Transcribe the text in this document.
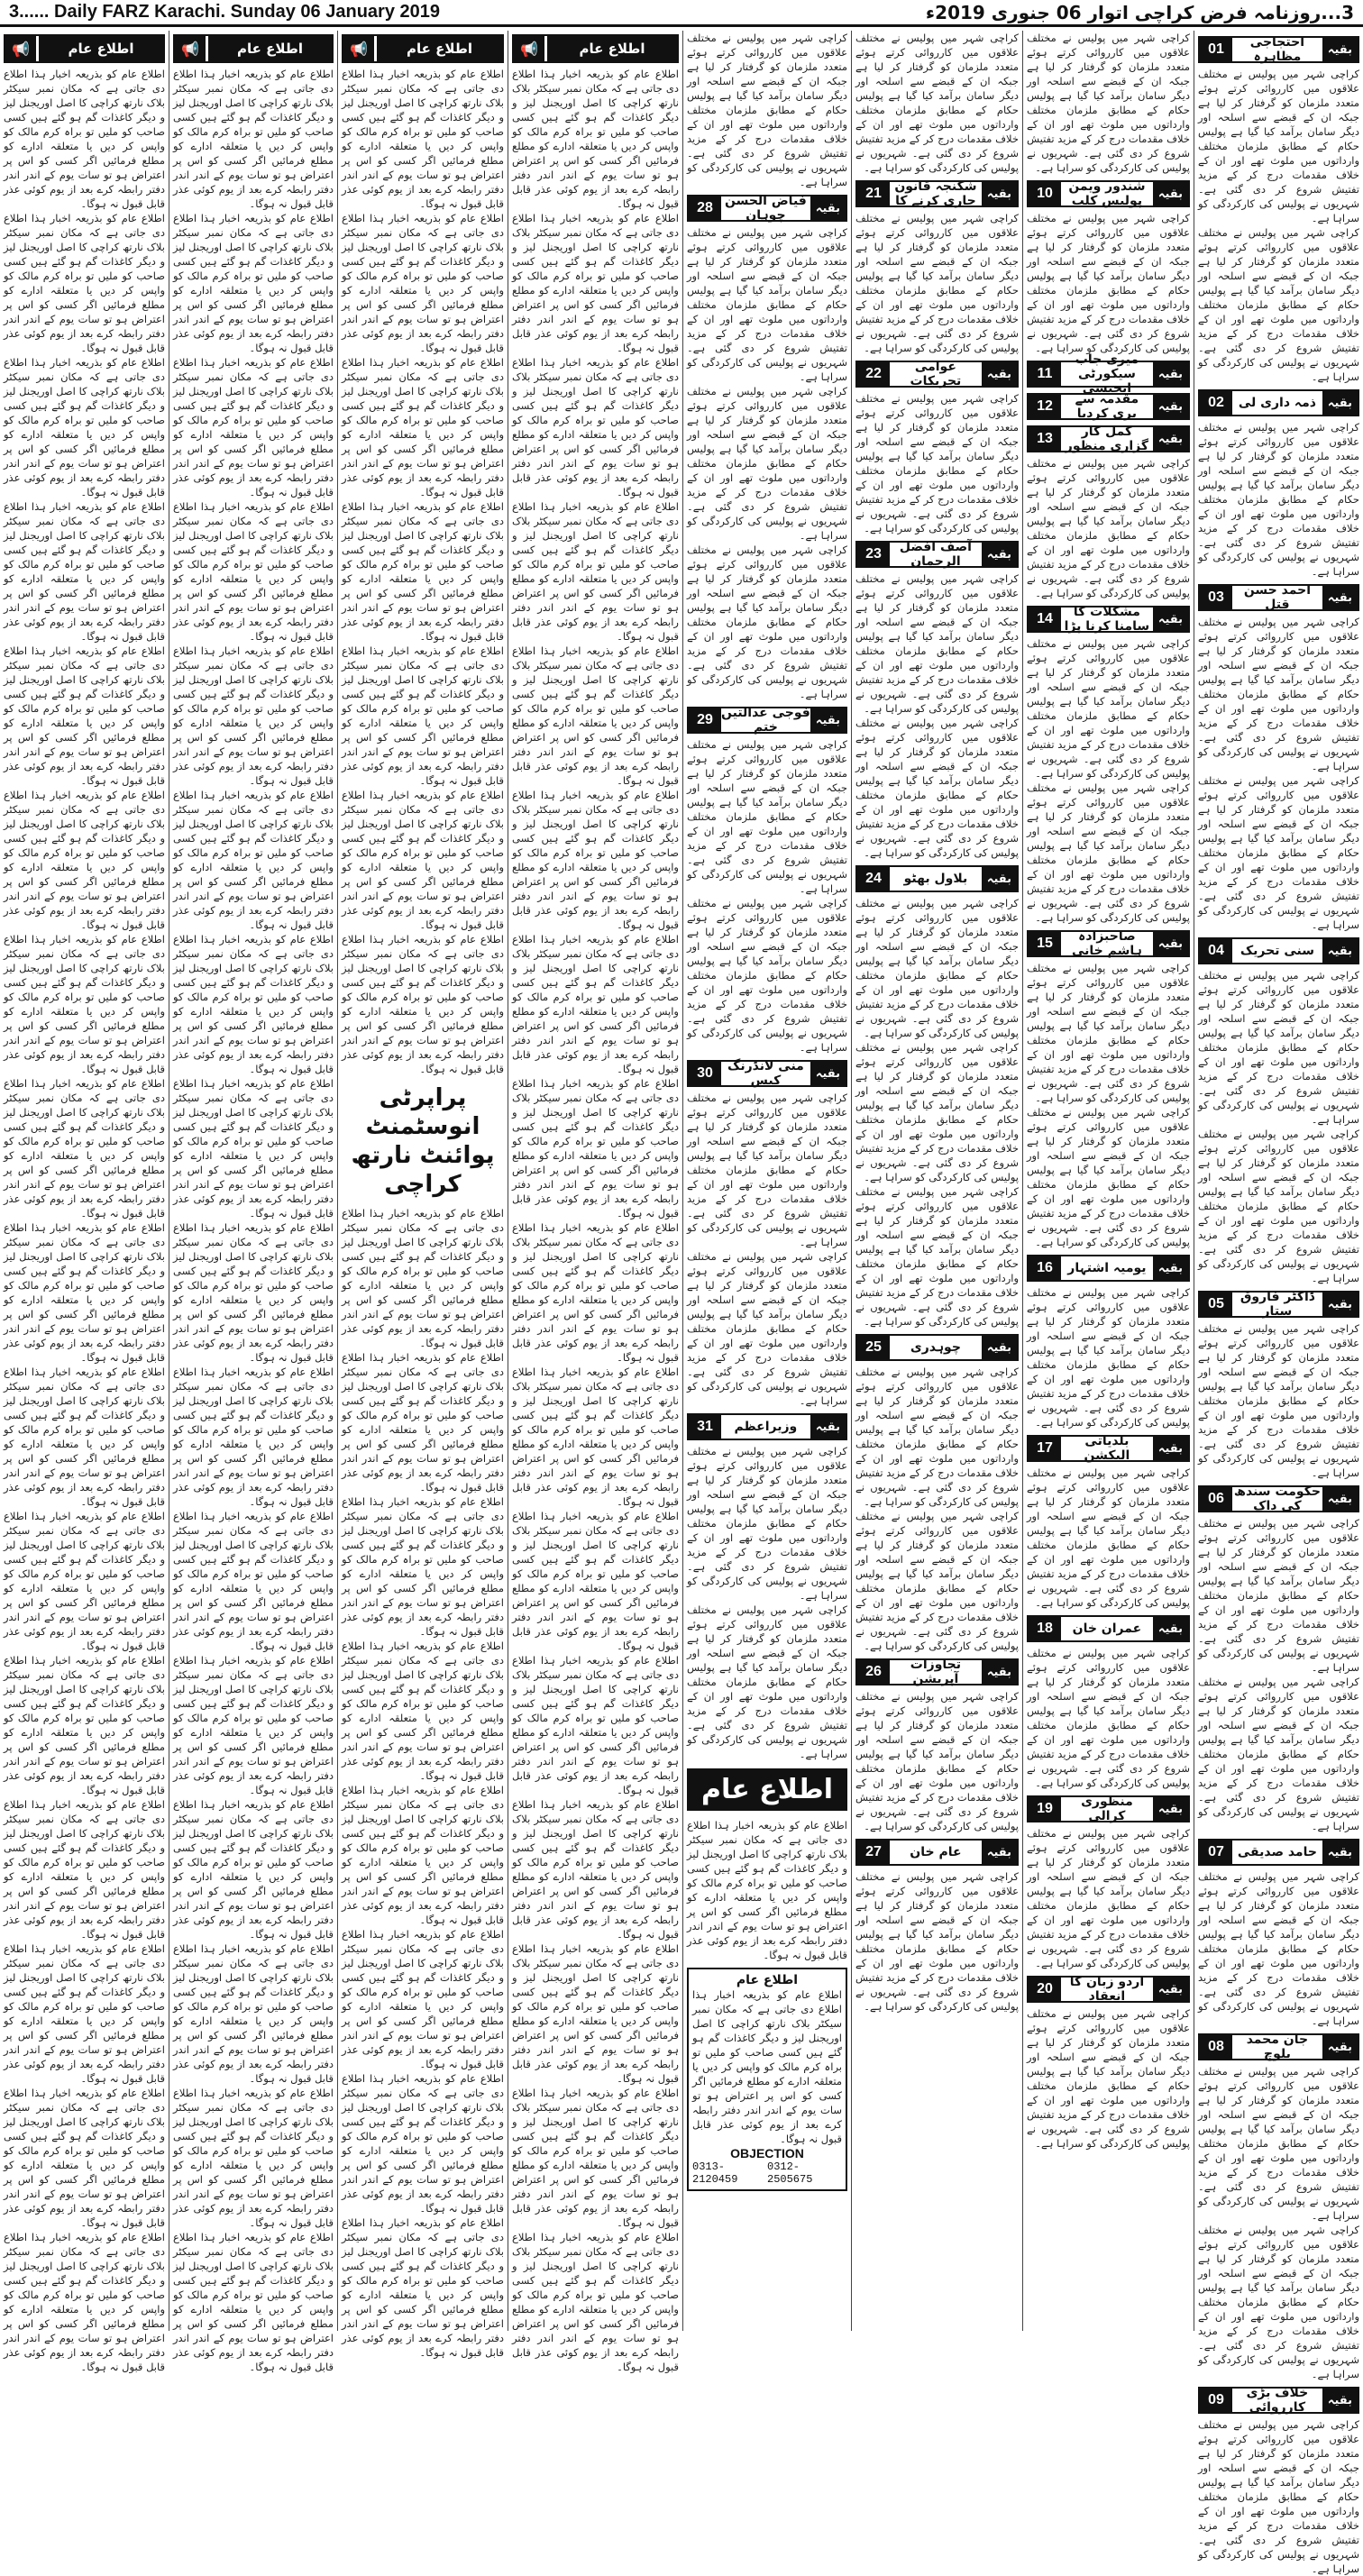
3...... Daily FARZ Karachi. Sunday 06 January 2019	3...روزنامہ فرض کراچی اتوار 06 جنوری 2019ء
📢	اطلاع عام
اطلاع عام کو بذریعہ اخبار ہذا اطلاع دی جاتی ہے کہ مکان نمبر سیکٹر بلاک نارتھ کراچی کا اصل اوریجنل لیز و دیگر کاغذات گم ہو گئے ہیں کسی صاحب کو ملیں تو براہ کرم مالک کو واپس کر دیں یا متعلقہ ادارے کو مطلع فرمائیں اگر کسی کو اس پر اعتراض ہو تو سات یوم کے اندر اندر دفتر رابطہ کرے بعد از یوم کوئی عذر قابل قبول نہ ہوگا۔
اطلاع عام کو بذریعہ اخبار ہذا اطلاع دی جاتی ہے کہ مکان نمبر سیکٹر بلاک نارتھ کراچی کا اصل اوریجنل لیز و دیگر کاغذات گم ہو گئے ہیں کسی صاحب کو ملیں تو براہ کرم مالک کو واپس کر دیں یا متعلقہ ادارے کو مطلع فرمائیں اگر کسی کو اس پر اعتراض ہو تو سات یوم کے اندر اندر دفتر رابطہ کرے بعد از یوم کوئی عذر قابل قبول نہ ہوگا۔
اطلاع عام کو بذریعہ اخبار ہذا اطلاع دی جاتی ہے کہ مکان نمبر سیکٹر بلاک نارتھ کراچی کا اصل اوریجنل لیز و دیگر کاغذات گم ہو گئے ہیں کسی صاحب کو ملیں تو براہ کرم مالک کو واپس کر دیں یا متعلقہ ادارے کو مطلع فرمائیں اگر کسی کو اس پر اعتراض ہو تو سات یوم کے اندر اندر دفتر رابطہ کرے بعد از یوم کوئی عذر قابل قبول نہ ہوگا۔
اطلاع عام کو بذریعہ اخبار ہذا اطلاع دی جاتی ہے کہ مکان نمبر سیکٹر بلاک نارتھ کراچی کا اصل اوریجنل لیز و دیگر کاغذات گم ہو گئے ہیں کسی صاحب کو ملیں تو براہ کرم مالک کو واپس کر دیں یا متعلقہ ادارے کو مطلع فرمائیں اگر کسی کو اس پر اعتراض ہو تو سات یوم کے اندر اندر دفتر رابطہ کرے بعد از یوم کوئی عذر قابل قبول نہ ہوگا۔
اطلاع عام کو بذریعہ اخبار ہذا اطلاع دی جاتی ہے کہ مکان نمبر سیکٹر بلاک نارتھ کراچی کا اصل اوریجنل لیز و دیگر کاغذات گم ہو گئے ہیں کسی صاحب کو ملیں تو براہ کرم مالک کو واپس کر دیں یا متعلقہ ادارے کو مطلع فرمائیں اگر کسی کو اس پر اعتراض ہو تو سات یوم کے اندر اندر دفتر رابطہ کرے بعد از یوم کوئی عذر قابل قبول نہ ہوگا۔
اطلاع عام کو بذریعہ اخبار ہذا اطلاع دی جاتی ہے کہ مکان نمبر سیکٹر بلاک نارتھ کراچی کا اصل اوریجنل لیز و دیگر کاغذات گم ہو گئے ہیں کسی صاحب کو ملیں تو براہ کرم مالک کو واپس کر دیں یا متعلقہ ادارے کو مطلع فرمائیں اگر کسی کو اس پر اعتراض ہو تو سات یوم کے اندر اندر دفتر رابطہ کرے بعد از یوم کوئی عذر قابل قبول نہ ہوگا۔
اطلاع عام کو بذریعہ اخبار ہذا اطلاع دی جاتی ہے کہ مکان نمبر سیکٹر بلاک نارتھ کراچی کا اصل اوریجنل لیز و دیگر کاغذات گم ہو گئے ہیں کسی صاحب کو ملیں تو براہ کرم مالک کو واپس کر دیں یا متعلقہ ادارے کو مطلع فرمائیں اگر کسی کو اس پر اعتراض ہو تو سات یوم کے اندر اندر دفتر رابطہ کرے بعد از یوم کوئی عذر قابل قبول نہ ہوگا۔
اطلاع عام کو بذریعہ اخبار ہذا اطلاع دی جاتی ہے کہ مکان نمبر سیکٹر بلاک نارتھ کراچی کا اصل اوریجنل لیز و دیگر کاغذات گم ہو گئے ہیں کسی صاحب کو ملیں تو براہ کرم مالک کو واپس کر دیں یا متعلقہ ادارے کو مطلع فرمائیں اگر کسی کو اس پر اعتراض ہو تو سات یوم کے اندر اندر دفتر رابطہ کرے بعد از یوم کوئی عذر قابل قبول نہ ہوگا۔
اطلاع عام کو بذریعہ اخبار ہذا اطلاع دی جاتی ہے کہ مکان نمبر سیکٹر بلاک نارتھ کراچی کا اصل اوریجنل لیز و دیگر کاغذات گم ہو گئے ہیں کسی صاحب کو ملیں تو براہ کرم مالک کو واپس کر دیں یا متعلقہ ادارے کو مطلع فرمائیں اگر کسی کو اس پر اعتراض ہو تو سات یوم کے اندر اندر دفتر رابطہ کرے بعد از یوم کوئی عذر قابل قبول نہ ہوگا۔
اطلاع عام کو بذریعہ اخبار ہذا اطلاع دی جاتی ہے کہ مکان نمبر سیکٹر بلاک نارتھ کراچی کا اصل اوریجنل لیز و دیگر کاغذات گم ہو گئے ہیں کسی صاحب کو ملیں تو براہ کرم مالک کو واپس کر دیں یا متعلقہ ادارے کو مطلع فرمائیں اگر کسی کو اس پر اعتراض ہو تو سات یوم کے اندر اندر دفتر رابطہ کرے بعد از یوم کوئی عذر قابل قبول نہ ہوگا۔
اطلاع عام کو بذریعہ اخبار ہذا اطلاع دی جاتی ہے کہ مکان نمبر سیکٹر بلاک نارتھ کراچی کا اصل اوریجنل لیز و دیگر کاغذات گم ہو گئے ہیں کسی صاحب کو ملیں تو براہ کرم مالک کو واپس کر دیں یا متعلقہ ادارے کو مطلع فرمائیں اگر کسی کو اس پر اعتراض ہو تو سات یوم کے اندر اندر دفتر رابطہ کرے بعد از یوم کوئی عذر قابل قبول نہ ہوگا۔
اطلاع عام کو بذریعہ اخبار ہذا اطلاع دی جاتی ہے کہ مکان نمبر سیکٹر بلاک نارتھ کراچی کا اصل اوریجنل لیز و دیگر کاغذات گم ہو گئے ہیں کسی صاحب کو ملیں تو براہ کرم مالک کو واپس کر دیں یا متعلقہ ادارے کو مطلع فرمائیں اگر کسی کو اس پر اعتراض ہو تو سات یوم کے اندر اندر دفتر رابطہ کرے بعد از یوم کوئی عذر قابل قبول نہ ہوگا۔
اطلاع عام کو بذریعہ اخبار ہذا اطلاع دی جاتی ہے کہ مکان نمبر سیکٹر بلاک نارتھ کراچی کا اصل اوریجنل لیز و دیگر کاغذات گم ہو گئے ہیں کسی صاحب کو ملیں تو براہ کرم مالک کو واپس کر دیں یا متعلقہ ادارے کو مطلع فرمائیں اگر کسی کو اس پر اعتراض ہو تو سات یوم کے اندر اندر دفتر رابطہ کرے بعد از یوم کوئی عذر قابل قبول نہ ہوگا۔
اطلاع عام کو بذریعہ اخبار ہذا اطلاع دی جاتی ہے کہ مکان نمبر سیکٹر بلاک نارتھ کراچی کا اصل اوریجنل لیز و دیگر کاغذات گم ہو گئے ہیں کسی صاحب کو ملیں تو براہ کرم مالک کو واپس کر دیں یا متعلقہ ادارے کو مطلع فرمائیں اگر کسی کو اس پر اعتراض ہو تو سات یوم کے اندر اندر دفتر رابطہ کرے بعد از یوم کوئی عذر قابل قبول نہ ہوگا۔
اطلاع عام کو بذریعہ اخبار ہذا اطلاع دی جاتی ہے کہ مکان نمبر سیکٹر بلاک نارتھ کراچی کا اصل اوریجنل لیز و دیگر کاغذات گم ہو گئے ہیں کسی صاحب کو ملیں تو براہ کرم مالک کو واپس کر دیں یا متعلقہ ادارے کو مطلع فرمائیں اگر کسی کو اس پر اعتراض ہو تو سات یوم کے اندر اندر دفتر رابطہ کرے بعد از یوم کوئی عذر قابل قبول نہ ہوگا۔
اطلاع عام کو بذریعہ اخبار ہذا اطلاع دی جاتی ہے کہ مکان نمبر سیکٹر بلاک نارتھ کراچی کا اصل اوریجنل لیز و دیگر کاغذات گم ہو گئے ہیں کسی صاحب کو ملیں تو براہ کرم مالک کو واپس کر دیں یا متعلقہ ادارے کو مطلع فرمائیں اگر کسی کو اس پر اعتراض ہو تو سات یوم کے اندر اندر دفتر رابطہ کرے بعد از یوم کوئی عذر قابل قبول نہ ہوگا۔
📢	اطلاع عام
اطلاع عام کو بذریعہ اخبار ہذا اطلاع دی جاتی ہے کہ مکان نمبر سیکٹر بلاک نارتھ کراچی کا اصل اوریجنل لیز و دیگر کاغذات گم ہو گئے ہیں کسی صاحب کو ملیں تو براہ کرم مالک کو واپس کر دیں یا متعلقہ ادارے کو مطلع فرمائیں اگر کسی کو اس پر اعتراض ہو تو سات یوم کے اندر اندر دفتر رابطہ کرے بعد از یوم کوئی عذر قابل قبول نہ ہوگا۔
اطلاع عام کو بذریعہ اخبار ہذا اطلاع دی جاتی ہے کہ مکان نمبر سیکٹر بلاک نارتھ کراچی کا اصل اوریجنل لیز و دیگر کاغذات گم ہو گئے ہیں کسی صاحب کو ملیں تو براہ کرم مالک کو واپس کر دیں یا متعلقہ ادارے کو مطلع فرمائیں اگر کسی کو اس پر اعتراض ہو تو سات یوم کے اندر اندر دفتر رابطہ کرے بعد از یوم کوئی عذر قابل قبول نہ ہوگا۔
اطلاع عام کو بذریعہ اخبار ہذا اطلاع دی جاتی ہے کہ مکان نمبر سیکٹر بلاک نارتھ کراچی کا اصل اوریجنل لیز و دیگر کاغذات گم ہو گئے ہیں کسی صاحب کو ملیں تو براہ کرم مالک کو واپس کر دیں یا متعلقہ ادارے کو مطلع فرمائیں اگر کسی کو اس پر اعتراض ہو تو سات یوم کے اندر اندر دفتر رابطہ کرے بعد از یوم کوئی عذر قابل قبول نہ ہوگا۔
اطلاع عام کو بذریعہ اخبار ہذا اطلاع دی جاتی ہے کہ مکان نمبر سیکٹر بلاک نارتھ کراچی کا اصل اوریجنل لیز و دیگر کاغذات گم ہو گئے ہیں کسی صاحب کو ملیں تو براہ کرم مالک کو واپس کر دیں یا متعلقہ ادارے کو مطلع فرمائیں اگر کسی کو اس پر اعتراض ہو تو سات یوم کے اندر اندر دفتر رابطہ کرے بعد از یوم کوئی عذر قابل قبول نہ ہوگا۔
اطلاع عام کو بذریعہ اخبار ہذا اطلاع دی جاتی ہے کہ مکان نمبر سیکٹر بلاک نارتھ کراچی کا اصل اوریجنل لیز و دیگر کاغذات گم ہو گئے ہیں کسی صاحب کو ملیں تو براہ کرم مالک کو واپس کر دیں یا متعلقہ ادارے کو مطلع فرمائیں اگر کسی کو اس پر اعتراض ہو تو سات یوم کے اندر اندر دفتر رابطہ کرے بعد از یوم کوئی عذر قابل قبول نہ ہوگا۔
اطلاع عام کو بذریعہ اخبار ہذا اطلاع دی جاتی ہے کہ مکان نمبر سیکٹر بلاک نارتھ کراچی کا اصل اوریجنل لیز و دیگر کاغذات گم ہو گئے ہیں کسی صاحب کو ملیں تو براہ کرم مالک کو واپس کر دیں یا متعلقہ ادارے کو مطلع فرمائیں اگر کسی کو اس پر اعتراض ہو تو سات یوم کے اندر اندر دفتر رابطہ کرے بعد از یوم کوئی عذر قابل قبول نہ ہوگا۔
اطلاع عام کو بذریعہ اخبار ہذا اطلاع دی جاتی ہے کہ مکان نمبر سیکٹر بلاک نارتھ کراچی کا اصل اوریجنل لیز و دیگر کاغذات گم ہو گئے ہیں کسی صاحب کو ملیں تو براہ کرم مالک کو واپس کر دیں یا متعلقہ ادارے کو مطلع فرمائیں اگر کسی کو اس پر اعتراض ہو تو سات یوم کے اندر اندر دفتر رابطہ کرے بعد از یوم کوئی عذر قابل قبول نہ ہوگا۔
اطلاع عام کو بذریعہ اخبار ہذا اطلاع دی جاتی ہے کہ مکان نمبر سیکٹر بلاک نارتھ کراچی کا اصل اوریجنل لیز و دیگر کاغذات گم ہو گئے ہیں کسی صاحب کو ملیں تو براہ کرم مالک کو واپس کر دیں یا متعلقہ ادارے کو مطلع فرمائیں اگر کسی کو اس پر اعتراض ہو تو سات یوم کے اندر اندر دفتر رابطہ کرے بعد از یوم کوئی عذر قابل قبول نہ ہوگا۔
اطلاع عام کو بذریعہ اخبار ہذا اطلاع دی جاتی ہے کہ مکان نمبر سیکٹر بلاک نارتھ کراچی کا اصل اوریجنل لیز و دیگر کاغذات گم ہو گئے ہیں کسی صاحب کو ملیں تو براہ کرم مالک کو واپس کر دیں یا متعلقہ ادارے کو مطلع فرمائیں اگر کسی کو اس پر اعتراض ہو تو سات یوم کے اندر اندر دفتر رابطہ کرے بعد از یوم کوئی عذر قابل قبول نہ ہوگا۔
اطلاع عام کو بذریعہ اخبار ہذا اطلاع دی جاتی ہے کہ مکان نمبر سیکٹر بلاک نارتھ کراچی کا اصل اوریجنل لیز و دیگر کاغذات گم ہو گئے ہیں کسی صاحب کو ملیں تو براہ کرم مالک کو واپس کر دیں یا متعلقہ ادارے کو مطلع فرمائیں اگر کسی کو اس پر اعتراض ہو تو سات یوم کے اندر اندر دفتر رابطہ کرے بعد از یوم کوئی عذر قابل قبول نہ ہوگا۔
اطلاع عام کو بذریعہ اخبار ہذا اطلاع دی جاتی ہے کہ مکان نمبر سیکٹر بلاک نارتھ کراچی کا اصل اوریجنل لیز و دیگر کاغذات گم ہو گئے ہیں کسی صاحب کو ملیں تو براہ کرم مالک کو واپس کر دیں یا متعلقہ ادارے کو مطلع فرمائیں اگر کسی کو اس پر اعتراض ہو تو سات یوم کے اندر اندر دفتر رابطہ کرے بعد از یوم کوئی عذر قابل قبول نہ ہوگا۔
اطلاع عام کو بذریعہ اخبار ہذا اطلاع دی جاتی ہے کہ مکان نمبر سیکٹر بلاک نارتھ کراچی کا اصل اوریجنل لیز و دیگر کاغذات گم ہو گئے ہیں کسی صاحب کو ملیں تو براہ کرم مالک کو واپس کر دیں یا متعلقہ ادارے کو مطلع فرمائیں اگر کسی کو اس پر اعتراض ہو تو سات یوم کے اندر اندر دفتر رابطہ کرے بعد از یوم کوئی عذر قابل قبول نہ ہوگا۔
اطلاع عام کو بذریعہ اخبار ہذا اطلاع دی جاتی ہے کہ مکان نمبر سیکٹر بلاک نارتھ کراچی کا اصل اوریجنل لیز و دیگر کاغذات گم ہو گئے ہیں کسی صاحب کو ملیں تو براہ کرم مالک کو واپس کر دیں یا متعلقہ ادارے کو مطلع فرمائیں اگر کسی کو اس پر اعتراض ہو تو سات یوم کے اندر اندر دفتر رابطہ کرے بعد از یوم کوئی عذر قابل قبول نہ ہوگا۔
اطلاع عام کو بذریعہ اخبار ہذا اطلاع دی جاتی ہے کہ مکان نمبر سیکٹر بلاک نارتھ کراچی کا اصل اوریجنل لیز و دیگر کاغذات گم ہو گئے ہیں کسی صاحب کو ملیں تو براہ کرم مالک کو واپس کر دیں یا متعلقہ ادارے کو مطلع فرمائیں اگر کسی کو اس پر اعتراض ہو تو سات یوم کے اندر اندر دفتر رابطہ کرے بعد از یوم کوئی عذر قابل قبول نہ ہوگا۔
اطلاع عام کو بذریعہ اخبار ہذا اطلاع دی جاتی ہے کہ مکان نمبر سیکٹر بلاک نارتھ کراچی کا اصل اوریجنل لیز و دیگر کاغذات گم ہو گئے ہیں کسی صاحب کو ملیں تو براہ کرم مالک کو واپس کر دیں یا متعلقہ ادارے کو مطلع فرمائیں اگر کسی کو اس پر اعتراض ہو تو سات یوم کے اندر اندر دفتر رابطہ کرے بعد از یوم کوئی عذر قابل قبول نہ ہوگا۔
اطلاع عام کو بذریعہ اخبار ہذا اطلاع دی جاتی ہے کہ مکان نمبر سیکٹر بلاک نارتھ کراچی کا اصل اوریجنل لیز و دیگر کاغذات گم ہو گئے ہیں کسی صاحب کو ملیں تو براہ کرم مالک کو واپس کر دیں یا متعلقہ ادارے کو مطلع فرمائیں اگر کسی کو اس پر اعتراض ہو تو سات یوم کے اندر اندر دفتر رابطہ کرے بعد از یوم کوئی عذر قابل قبول نہ ہوگا۔
📢	اطلاع عام
اطلاع عام کو بذریعہ اخبار ہذا اطلاع دی جاتی ہے کہ مکان نمبر سیکٹر بلاک نارتھ کراچی کا اصل اوریجنل لیز و دیگر کاغذات گم ہو گئے ہیں کسی صاحب کو ملیں تو براہ کرم مالک کو واپس کر دیں یا متعلقہ ادارے کو مطلع فرمائیں اگر کسی کو اس پر اعتراض ہو تو سات یوم کے اندر اندر دفتر رابطہ کرے بعد از یوم کوئی عذر قابل قبول نہ ہوگا۔
اطلاع عام کو بذریعہ اخبار ہذا اطلاع دی جاتی ہے کہ مکان نمبر سیکٹر بلاک نارتھ کراچی کا اصل اوریجنل لیز و دیگر کاغذات گم ہو گئے ہیں کسی صاحب کو ملیں تو براہ کرم مالک کو واپس کر دیں یا متعلقہ ادارے کو مطلع فرمائیں اگر کسی کو اس پر اعتراض ہو تو سات یوم کے اندر اندر دفتر رابطہ کرے بعد از یوم کوئی عذر قابل قبول نہ ہوگا۔
اطلاع عام کو بذریعہ اخبار ہذا اطلاع دی جاتی ہے کہ مکان نمبر سیکٹر بلاک نارتھ کراچی کا اصل اوریجنل لیز و دیگر کاغذات گم ہو گئے ہیں کسی صاحب کو ملیں تو براہ کرم مالک کو واپس کر دیں یا متعلقہ ادارے کو مطلع فرمائیں اگر کسی کو اس پر اعتراض ہو تو سات یوم کے اندر اندر دفتر رابطہ کرے بعد از یوم کوئی عذر قابل قبول نہ ہوگا۔
اطلاع عام کو بذریعہ اخبار ہذا اطلاع دی جاتی ہے کہ مکان نمبر سیکٹر بلاک نارتھ کراچی کا اصل اوریجنل لیز و دیگر کاغذات گم ہو گئے ہیں کسی صاحب کو ملیں تو براہ کرم مالک کو واپس کر دیں یا متعلقہ ادارے کو مطلع فرمائیں اگر کسی کو اس پر اعتراض ہو تو سات یوم کے اندر اندر دفتر رابطہ کرے بعد از یوم کوئی عذر قابل قبول نہ ہوگا۔
اطلاع عام کو بذریعہ اخبار ہذا اطلاع دی جاتی ہے کہ مکان نمبر سیکٹر بلاک نارتھ کراچی کا اصل اوریجنل لیز و دیگر کاغذات گم ہو گئے ہیں کسی صاحب کو ملیں تو براہ کرم مالک کو واپس کر دیں یا متعلقہ ادارے کو مطلع فرمائیں اگر کسی کو اس پر اعتراض ہو تو سات یوم کے اندر اندر دفتر رابطہ کرے بعد از یوم کوئی عذر قابل قبول نہ ہوگا۔
اطلاع عام کو بذریعہ اخبار ہذا اطلاع دی جاتی ہے کہ مکان نمبر سیکٹر بلاک نارتھ کراچی کا اصل اوریجنل لیز و دیگر کاغذات گم ہو گئے ہیں کسی صاحب کو ملیں تو براہ کرم مالک کو واپس کر دیں یا متعلقہ ادارے کو مطلع فرمائیں اگر کسی کو اس پر اعتراض ہو تو سات یوم کے اندر اندر دفتر رابطہ کرے بعد از یوم کوئی عذر قابل قبول نہ ہوگا۔
اطلاع عام کو بذریعہ اخبار ہذا اطلاع دی جاتی ہے کہ مکان نمبر سیکٹر بلاک نارتھ کراچی کا اصل اوریجنل لیز و دیگر کاغذات گم ہو گئے ہیں کسی صاحب کو ملیں تو براہ کرم مالک کو واپس کر دیں یا متعلقہ ادارے کو مطلع فرمائیں اگر کسی کو اس پر اعتراض ہو تو سات یوم کے اندر اندر دفتر رابطہ کرے بعد از یوم کوئی عذر قابل قبول نہ ہوگا۔
پراپرٹی انوسٹمنٹ پوائنٹ نارتھ کراچی
اطلاع عام کو بذریعہ اخبار ہذا اطلاع دی جاتی ہے کہ مکان نمبر سیکٹر بلاک نارتھ کراچی کا اصل اوریجنل لیز و دیگر کاغذات گم ہو گئے ہیں کسی صاحب کو ملیں تو براہ کرم مالک کو واپس کر دیں یا متعلقہ ادارے کو مطلع فرمائیں اگر کسی کو اس پر اعتراض ہو تو سات یوم کے اندر اندر دفتر رابطہ کرے بعد از یوم کوئی عذر قابل قبول نہ ہوگا۔
اطلاع عام کو بذریعہ اخبار ہذا اطلاع دی جاتی ہے کہ مکان نمبر سیکٹر بلاک نارتھ کراچی کا اصل اوریجنل لیز و دیگر کاغذات گم ہو گئے ہیں کسی صاحب کو ملیں تو براہ کرم مالک کو واپس کر دیں یا متعلقہ ادارے کو مطلع فرمائیں اگر کسی کو اس پر اعتراض ہو تو سات یوم کے اندر اندر دفتر رابطہ کرے بعد از یوم کوئی عذر قابل قبول نہ ہوگا۔
اطلاع عام کو بذریعہ اخبار ہذا اطلاع دی جاتی ہے کہ مکان نمبر سیکٹر بلاک نارتھ کراچی کا اصل اوریجنل لیز و دیگر کاغذات گم ہو گئے ہیں کسی صاحب کو ملیں تو براہ کرم مالک کو واپس کر دیں یا متعلقہ ادارے کو مطلع فرمائیں اگر کسی کو اس پر اعتراض ہو تو سات یوم کے اندر اندر دفتر رابطہ کرے بعد از یوم کوئی عذر قابل قبول نہ ہوگا۔
اطلاع عام کو بذریعہ اخبار ہذا اطلاع دی جاتی ہے کہ مکان نمبر سیکٹر بلاک نارتھ کراچی کا اصل اوریجنل لیز و دیگر کاغذات گم ہو گئے ہیں کسی صاحب کو ملیں تو براہ کرم مالک کو واپس کر دیں یا متعلقہ ادارے کو مطلع فرمائیں اگر کسی کو اس پر اعتراض ہو تو سات یوم کے اندر اندر دفتر رابطہ کرے بعد از یوم کوئی عذر قابل قبول نہ ہوگا۔
اطلاع عام کو بذریعہ اخبار ہذا اطلاع دی جاتی ہے کہ مکان نمبر سیکٹر بلاک نارتھ کراچی کا اصل اوریجنل لیز و دیگر کاغذات گم ہو گئے ہیں کسی صاحب کو ملیں تو براہ کرم مالک کو واپس کر دیں یا متعلقہ ادارے کو مطلع فرمائیں اگر کسی کو اس پر اعتراض ہو تو سات یوم کے اندر اندر دفتر رابطہ کرے بعد از یوم کوئی عذر قابل قبول نہ ہوگا۔
اطلاع عام کو بذریعہ اخبار ہذا اطلاع دی جاتی ہے کہ مکان نمبر سیکٹر بلاک نارتھ کراچی کا اصل اوریجنل لیز و دیگر کاغذات گم ہو گئے ہیں کسی صاحب کو ملیں تو براہ کرم مالک کو واپس کر دیں یا متعلقہ ادارے کو مطلع فرمائیں اگر کسی کو اس پر اعتراض ہو تو سات یوم کے اندر اندر دفتر رابطہ کرے بعد از یوم کوئی عذر قابل قبول نہ ہوگا۔
اطلاع عام کو بذریعہ اخبار ہذا اطلاع دی جاتی ہے کہ مکان نمبر سیکٹر بلاک نارتھ کراچی کا اصل اوریجنل لیز و دیگر کاغذات گم ہو گئے ہیں کسی صاحب کو ملیں تو براہ کرم مالک کو واپس کر دیں یا متعلقہ ادارے کو مطلع فرمائیں اگر کسی کو اس پر اعتراض ہو تو سات یوم کے اندر اندر دفتر رابطہ کرے بعد از یوم کوئی عذر قابل قبول نہ ہوگا۔
اطلاع عام کو بذریعہ اخبار ہذا اطلاع دی جاتی ہے کہ مکان نمبر سیکٹر بلاک نارتھ کراچی کا اصل اوریجنل لیز و دیگر کاغذات گم ہو گئے ہیں کسی صاحب کو ملیں تو براہ کرم مالک کو واپس کر دیں یا متعلقہ ادارے کو مطلع فرمائیں اگر کسی کو اس پر اعتراض ہو تو سات یوم کے اندر اندر دفتر رابطہ کرے بعد از یوم کوئی عذر قابل قبول نہ ہوگا۔
📢	اطلاع عام
اطلاع عام کو بذریعہ اخبار ہذا اطلاع دی جاتی ہے کہ مکان نمبر سیکٹر بلاک نارتھ کراچی کا اصل اوریجنل لیز و دیگر کاغذات گم ہو گئے ہیں کسی صاحب کو ملیں تو براہ کرم مالک کو واپس کر دیں یا متعلقہ ادارے کو مطلع فرمائیں اگر کسی کو اس پر اعتراض ہو تو سات یوم کے اندر اندر دفتر رابطہ کرے بعد از یوم کوئی عذر قابل قبول نہ ہوگا۔
اطلاع عام کو بذریعہ اخبار ہذا اطلاع دی جاتی ہے کہ مکان نمبر سیکٹر بلاک نارتھ کراچی کا اصل اوریجنل لیز و دیگر کاغذات گم ہو گئے ہیں کسی صاحب کو ملیں تو براہ کرم مالک کو واپس کر دیں یا متعلقہ ادارے کو مطلع فرمائیں اگر کسی کو اس پر اعتراض ہو تو سات یوم کے اندر اندر دفتر رابطہ کرے بعد از یوم کوئی عذر قابل قبول نہ ہوگا۔
اطلاع عام کو بذریعہ اخبار ہذا اطلاع دی جاتی ہے کہ مکان نمبر سیکٹر بلاک نارتھ کراچی کا اصل اوریجنل لیز و دیگر کاغذات گم ہو گئے ہیں کسی صاحب کو ملیں تو براہ کرم مالک کو واپس کر دیں یا متعلقہ ادارے کو مطلع فرمائیں اگر کسی کو اس پر اعتراض ہو تو سات یوم کے اندر اندر دفتر رابطہ کرے بعد از یوم کوئی عذر قابل قبول نہ ہوگا۔
اطلاع عام کو بذریعہ اخبار ہذا اطلاع دی جاتی ہے کہ مکان نمبر سیکٹر بلاک نارتھ کراچی کا اصل اوریجنل لیز و دیگر کاغذات گم ہو گئے ہیں کسی صاحب کو ملیں تو براہ کرم مالک کو واپس کر دیں یا متعلقہ ادارے کو مطلع فرمائیں اگر کسی کو اس پر اعتراض ہو تو سات یوم کے اندر اندر دفتر رابطہ کرے بعد از یوم کوئی عذر قابل قبول نہ ہوگا۔
اطلاع عام کو بذریعہ اخبار ہذا اطلاع دی جاتی ہے کہ مکان نمبر سیکٹر بلاک نارتھ کراچی کا اصل اوریجنل لیز و دیگر کاغذات گم ہو گئے ہیں کسی صاحب کو ملیں تو براہ کرم مالک کو واپس کر دیں یا متعلقہ ادارے کو مطلع فرمائیں اگر کسی کو اس پر اعتراض ہو تو سات یوم کے اندر اندر دفتر رابطہ کرے بعد از یوم کوئی عذر قابل قبول نہ ہوگا۔
اطلاع عام کو بذریعہ اخبار ہذا اطلاع دی جاتی ہے کہ مکان نمبر سیکٹر بلاک نارتھ کراچی کا اصل اوریجنل لیز و دیگر کاغذات گم ہو گئے ہیں کسی صاحب کو ملیں تو براہ کرم مالک کو واپس کر دیں یا متعلقہ ادارے کو مطلع فرمائیں اگر کسی کو اس پر اعتراض ہو تو سات یوم کے اندر اندر دفتر رابطہ کرے بعد از یوم کوئی عذر قابل قبول نہ ہوگا۔
اطلاع عام کو بذریعہ اخبار ہذا اطلاع دی جاتی ہے کہ مکان نمبر سیکٹر بلاک نارتھ کراچی کا اصل اوریجنل لیز و دیگر کاغذات گم ہو گئے ہیں کسی صاحب کو ملیں تو براہ کرم مالک کو واپس کر دیں یا متعلقہ ادارے کو مطلع فرمائیں اگر کسی کو اس پر اعتراض ہو تو سات یوم کے اندر اندر دفتر رابطہ کرے بعد از یوم کوئی عذر قابل قبول نہ ہوگا۔
اطلاع عام کو بذریعہ اخبار ہذا اطلاع دی جاتی ہے کہ مکان نمبر سیکٹر بلاک نارتھ کراچی کا اصل اوریجنل لیز و دیگر کاغذات گم ہو گئے ہیں کسی صاحب کو ملیں تو براہ کرم مالک کو واپس کر دیں یا متعلقہ ادارے کو مطلع فرمائیں اگر کسی کو اس پر اعتراض ہو تو سات یوم کے اندر اندر دفتر رابطہ کرے بعد از یوم کوئی عذر قابل قبول نہ ہوگا۔
اطلاع عام کو بذریعہ اخبار ہذا اطلاع دی جاتی ہے کہ مکان نمبر سیکٹر بلاک نارتھ کراچی کا اصل اوریجنل لیز و دیگر کاغذات گم ہو گئے ہیں کسی صاحب کو ملیں تو براہ کرم مالک کو واپس کر دیں یا متعلقہ ادارے کو مطلع فرمائیں اگر کسی کو اس پر اعتراض ہو تو سات یوم کے اندر اندر دفتر رابطہ کرے بعد از یوم کوئی عذر قابل قبول نہ ہوگا۔
اطلاع عام کو بذریعہ اخبار ہذا اطلاع دی جاتی ہے کہ مکان نمبر سیکٹر بلاک نارتھ کراچی کا اصل اوریجنل لیز و دیگر کاغذات گم ہو گئے ہیں کسی صاحب کو ملیں تو براہ کرم مالک کو واپس کر دیں یا متعلقہ ادارے کو مطلع فرمائیں اگر کسی کو اس پر اعتراض ہو تو سات یوم کے اندر اندر دفتر رابطہ کرے بعد از یوم کوئی عذر قابل قبول نہ ہوگا۔
اطلاع عام کو بذریعہ اخبار ہذا اطلاع دی جاتی ہے کہ مکان نمبر سیکٹر بلاک نارتھ کراچی کا اصل اوریجنل لیز و دیگر کاغذات گم ہو گئے ہیں کسی صاحب کو ملیں تو براہ کرم مالک کو واپس کر دیں یا متعلقہ ادارے کو مطلع فرمائیں اگر کسی کو اس پر اعتراض ہو تو سات یوم کے اندر اندر دفتر رابطہ کرے بعد از یوم کوئی عذر قابل قبول نہ ہوگا۔
اطلاع عام کو بذریعہ اخبار ہذا اطلاع دی جاتی ہے کہ مکان نمبر سیکٹر بلاک نارتھ کراچی کا اصل اوریجنل لیز و دیگر کاغذات گم ہو گئے ہیں کسی صاحب کو ملیں تو براہ کرم مالک کو واپس کر دیں یا متعلقہ ادارے کو مطلع فرمائیں اگر کسی کو اس پر اعتراض ہو تو سات یوم کے اندر اندر دفتر رابطہ کرے بعد از یوم کوئی عذر قابل قبول نہ ہوگا۔
اطلاع عام کو بذریعہ اخبار ہذا اطلاع دی جاتی ہے کہ مکان نمبر سیکٹر بلاک نارتھ کراچی کا اصل اوریجنل لیز و دیگر کاغذات گم ہو گئے ہیں کسی صاحب کو ملیں تو براہ کرم مالک کو واپس کر دیں یا متعلقہ ادارے کو مطلع فرمائیں اگر کسی کو اس پر اعتراض ہو تو سات یوم کے اندر اندر دفتر رابطہ کرے بعد از یوم کوئی عذر قابل قبول نہ ہوگا۔
اطلاع عام کو بذریعہ اخبار ہذا اطلاع دی جاتی ہے کہ مکان نمبر سیکٹر بلاک نارتھ کراچی کا اصل اوریجنل لیز و دیگر کاغذات گم ہو گئے ہیں کسی صاحب کو ملیں تو براہ کرم مالک کو واپس کر دیں یا متعلقہ ادارے کو مطلع فرمائیں اگر کسی کو اس پر اعتراض ہو تو سات یوم کے اندر اندر دفتر رابطہ کرے بعد از یوم کوئی عذر قابل قبول نہ ہوگا۔
اطلاع عام کو بذریعہ اخبار ہذا اطلاع دی جاتی ہے کہ مکان نمبر سیکٹر بلاک نارتھ کراچی کا اصل اوریجنل لیز و دیگر کاغذات گم ہو گئے ہیں کسی صاحب کو ملیں تو براہ کرم مالک کو واپس کر دیں یا متعلقہ ادارے کو مطلع فرمائیں اگر کسی کو اس پر اعتراض ہو تو سات یوم کے اندر اندر دفتر رابطہ کرے بعد از یوم کوئی عذر قابل قبول نہ ہوگا۔
اطلاع عام کو بذریعہ اخبار ہذا اطلاع دی جاتی ہے کہ مکان نمبر سیکٹر بلاک نارتھ کراچی کا اصل اوریجنل لیز و دیگر کاغذات گم ہو گئے ہیں کسی صاحب کو ملیں تو براہ کرم مالک کو واپس کر دیں یا متعلقہ ادارے کو مطلع فرمائیں اگر کسی کو اس پر اعتراض ہو تو سات یوم کے اندر اندر دفتر رابطہ کرے بعد از یوم کوئی عذر قابل قبول نہ ہوگا۔
کراچی شہر میں پولیس نے مختلف علاقوں میں کارروائی کرتے ہوئے متعدد ملزمان کو گرفتار کر لیا ہے جبکہ ان کے قبضے سے اسلحہ اور دیگر سامان برآمد کیا گیا ہے پولیس حکام کے مطابق ملزمان مختلف وارداتوں میں ملوث تھے اور ان کے خلاف مقدمات درج کر کے مزید تفتیش شروع کر دی گئی ہے۔ شہریوں نے پولیس کی کارکردگی کو سراہا ہے۔
28 فیاض الحسن چوہان	بقیہ
کراچی شہر میں پولیس نے مختلف علاقوں میں کارروائی کرتے ہوئے متعدد ملزمان کو گرفتار کر لیا ہے جبکہ ان کے قبضے سے اسلحہ اور دیگر سامان برآمد کیا گیا ہے پولیس حکام کے مطابق ملزمان مختلف وارداتوں میں ملوث تھے اور ان کے خلاف مقدمات درج کر کے مزید تفتیش شروع کر دی گئی ہے۔ شہریوں نے پولیس کی کارکردگی کو سراہا ہے۔
کراچی شہر میں پولیس نے مختلف علاقوں میں کارروائی کرتے ہوئے متعدد ملزمان کو گرفتار کر لیا ہے جبکہ ان کے قبضے سے اسلحہ اور دیگر سامان برآمد کیا گیا ہے پولیس حکام کے مطابق ملزمان مختلف وارداتوں میں ملوث تھے اور ان کے خلاف مقدمات درج کر کے مزید تفتیش شروع کر دی گئی ہے۔ شہریوں نے پولیس کی کارکردگی کو سراہا ہے۔
کراچی شہر میں پولیس نے مختلف علاقوں میں کارروائی کرتے ہوئے متعدد ملزمان کو گرفتار کر لیا ہے جبکہ ان کے قبضے سے اسلحہ اور دیگر سامان برآمد کیا گیا ہے پولیس حکام کے مطابق ملزمان مختلف وارداتوں میں ملوث تھے اور ان کے خلاف مقدمات درج کر کے مزید تفتیش شروع کر دی گئی ہے۔ شہریوں نے پولیس کی کارکردگی کو سراہا ہے۔
29 فوجی عدالتیں ختم	بقیہ
کراچی شہر میں پولیس نے مختلف علاقوں میں کارروائی کرتے ہوئے متعدد ملزمان کو گرفتار کر لیا ہے جبکہ ان کے قبضے سے اسلحہ اور دیگر سامان برآمد کیا گیا ہے پولیس حکام کے مطابق ملزمان مختلف وارداتوں میں ملوث تھے اور ان کے خلاف مقدمات درج کر کے مزید تفتیش شروع کر دی گئی ہے۔ شہریوں نے پولیس کی کارکردگی کو سراہا ہے۔
کراچی شہر میں پولیس نے مختلف علاقوں میں کارروائی کرتے ہوئے متعدد ملزمان کو گرفتار کر لیا ہے جبکہ ان کے قبضے سے اسلحہ اور دیگر سامان برآمد کیا گیا ہے پولیس حکام کے مطابق ملزمان مختلف وارداتوں میں ملوث تھے اور ان کے خلاف مقدمات درج کر کے مزید تفتیش شروع کر دی گئی ہے۔ شہریوں نے پولیس کی کارکردگی کو سراہا ہے۔
30	منی لانڈرنگ کیس	بقیہ
کراچی شہر میں پولیس نے مختلف علاقوں میں کارروائی کرتے ہوئے متعدد ملزمان کو گرفتار کر لیا ہے جبکہ ان کے قبضے سے اسلحہ اور دیگر سامان برآمد کیا گیا ہے پولیس حکام کے مطابق ملزمان مختلف وارداتوں میں ملوث تھے اور ان کے خلاف مقدمات درج کر کے مزید تفتیش شروع کر دی گئی ہے۔ شہریوں نے پولیس کی کارکردگی کو سراہا ہے۔
کراچی شہر میں پولیس نے مختلف علاقوں میں کارروائی کرتے ہوئے متعدد ملزمان کو گرفتار کر لیا ہے جبکہ ان کے قبضے سے اسلحہ اور دیگر سامان برآمد کیا گیا ہے پولیس حکام کے مطابق ملزمان مختلف وارداتوں میں ملوث تھے اور ان کے خلاف مقدمات درج کر کے مزید تفتیش شروع کر دی گئی ہے۔ شہریوں نے پولیس کی کارکردگی کو سراہا ہے۔
31	وزیراعظم	بقیہ
کراچی شہر میں پولیس نے مختلف علاقوں میں کارروائی کرتے ہوئے متعدد ملزمان کو گرفتار کر لیا ہے جبکہ ان کے قبضے سے اسلحہ اور دیگر سامان برآمد کیا گیا ہے پولیس حکام کے مطابق ملزمان مختلف وارداتوں میں ملوث تھے اور ان کے خلاف مقدمات درج کر کے مزید تفتیش شروع کر دی گئی ہے۔ شہریوں نے پولیس کی کارکردگی کو سراہا ہے۔
کراچی شہر میں پولیس نے مختلف علاقوں میں کارروائی کرتے ہوئے متعدد ملزمان کو گرفتار کر لیا ہے جبکہ ان کے قبضے سے اسلحہ اور دیگر سامان برآمد کیا گیا ہے پولیس حکام کے مطابق ملزمان مختلف وارداتوں میں ملوث تھے اور ان کے خلاف مقدمات درج کر کے مزید تفتیش شروع کر دی گئی ہے۔ شہریوں نے پولیس کی کارکردگی کو سراہا ہے۔
اطلاع عام
اطلاع عام کو بذریعہ اخبار ہذا اطلاع دی جاتی ہے کہ مکان نمبر سیکٹر بلاک نارتھ کراچی کا اصل اوریجنل لیز و دیگر کاغذات گم ہو گئے ہیں کسی صاحب کو ملیں تو براہ کرم مالک کو واپس کر دیں یا متعلقہ ادارے کو مطلع فرمائیں اگر کسی کو اس پر اعتراض ہو تو سات یوم کے اندر اندر دفتر رابطہ کرے بعد از یوم کوئی عذر قابل قبول نہ ہوگا۔
اطلاع عام
اطلاع عام کو بذریعہ اخبار ہذا اطلاع دی جاتی ہے کہ مکان نمبر سیکٹر بلاک نارتھ کراچی کا اصل اوریجنل لیز و دیگر کاغذات گم ہو گئے ہیں کسی صاحب کو ملیں تو براہ کرم مالک کو واپس کر دیں یا متعلقہ ادارے کو مطلع فرمائیں اگر کسی کو اس پر اعتراض ہو تو سات یوم کے اندر اندر دفتر رابطہ کرے بعد از یوم کوئی عذر قابل قبول نہ ہوگا۔
OBJECTION
0313-2120459
0312-2505675
کراچی شہر میں پولیس نے مختلف علاقوں میں کارروائی کرتے ہوئے متعدد ملزمان کو گرفتار کر لیا ہے جبکہ ان کے قبضے سے اسلحہ اور دیگر سامان برآمد کیا گیا ہے پولیس حکام کے مطابق ملزمان مختلف وارداتوں میں ملوث تھے اور ان کے خلاف مقدمات درج کر کے مزید تفتیش شروع کر دی گئی ہے۔ شہریوں نے پولیس کی کارکردگی کو سراہا ہے۔
21	شکنجہ قانون جاری کرنے کا بقیہ
کراچی شہر میں پولیس نے مختلف علاقوں میں کارروائی کرتے ہوئے متعدد ملزمان کو گرفتار کر لیا ہے جبکہ ان کے قبضے سے اسلحہ اور دیگر سامان برآمد کیا گیا ہے پولیس حکام کے مطابق ملزمان مختلف وارداتوں میں ملوث تھے اور ان کے خلاف مقدمات درج کر کے مزید تفتیش شروع کر دی گئی ہے۔ شہریوں نے پولیس کی کارکردگی کو سراہا ہے۔
22	عوامی تحریکات	بقیہ
کراچی شہر میں پولیس نے مختلف علاقوں میں کارروائی کرتے ہوئے متعدد ملزمان کو گرفتار کر لیا ہے جبکہ ان کے قبضے سے اسلحہ اور دیگر سامان برآمد کیا گیا ہے پولیس حکام کے مطابق ملزمان مختلف وارداتوں میں ملوث تھے اور ان کے خلاف مقدمات درج کر کے مزید تفتیش شروع کر دی گئی ہے۔ شہریوں نے پولیس کی کارکردگی کو سراہا ہے۔
23	آصف افضل الرحمان	بقیہ
کراچی شہر میں پولیس نے مختلف علاقوں میں کارروائی کرتے ہوئے متعدد ملزمان کو گرفتار کر لیا ہے جبکہ ان کے قبضے سے اسلحہ اور دیگر سامان برآمد کیا گیا ہے پولیس حکام کے مطابق ملزمان مختلف وارداتوں میں ملوث تھے اور ان کے خلاف مقدمات درج کر کے مزید تفتیش شروع کر دی گئی ہے۔ شہریوں نے پولیس کی کارکردگی کو سراہا ہے۔
کراچی شہر میں پولیس نے مختلف علاقوں میں کارروائی کرتے ہوئے متعدد ملزمان کو گرفتار کر لیا ہے جبکہ ان کے قبضے سے اسلحہ اور دیگر سامان برآمد کیا گیا ہے پولیس حکام کے مطابق ملزمان مختلف وارداتوں میں ملوث تھے اور ان کے خلاف مقدمات درج کر کے مزید تفتیش شروع کر دی گئی ہے۔ شہریوں نے پولیس کی کارکردگی کو سراہا ہے۔
24	بلاول بھٹو	بقیہ
کراچی شہر میں پولیس نے مختلف علاقوں میں کارروائی کرتے ہوئے متعدد ملزمان کو گرفتار کر لیا ہے جبکہ ان کے قبضے سے اسلحہ اور دیگر سامان برآمد کیا گیا ہے پولیس حکام کے مطابق ملزمان مختلف وارداتوں میں ملوث تھے اور ان کے خلاف مقدمات درج کر کے مزید تفتیش شروع کر دی گئی ہے۔ شہریوں نے پولیس کی کارکردگی کو سراہا ہے۔
کراچی شہر میں پولیس نے مختلف علاقوں میں کارروائی کرتے ہوئے متعدد ملزمان کو گرفتار کر لیا ہے جبکہ ان کے قبضے سے اسلحہ اور دیگر سامان برآمد کیا گیا ہے پولیس حکام کے مطابق ملزمان مختلف وارداتوں میں ملوث تھے اور ان کے خلاف مقدمات درج کر کے مزید تفتیش شروع کر دی گئی ہے۔ شہریوں نے پولیس کی کارکردگی کو سراہا ہے۔
کراچی شہر میں پولیس نے مختلف علاقوں میں کارروائی کرتے ہوئے متعدد ملزمان کو گرفتار کر لیا ہے جبکہ ان کے قبضے سے اسلحہ اور دیگر سامان برآمد کیا گیا ہے پولیس حکام کے مطابق ملزمان مختلف وارداتوں میں ملوث تھے اور ان کے خلاف مقدمات درج کر کے مزید تفتیش شروع کر دی گئی ہے۔ شہریوں نے پولیس کی کارکردگی کو سراہا ہے۔
25	چوہدری	بقیہ
کراچی شہر میں پولیس نے مختلف علاقوں میں کارروائی کرتے ہوئے متعدد ملزمان کو گرفتار کر لیا ہے جبکہ ان کے قبضے سے اسلحہ اور دیگر سامان برآمد کیا گیا ہے پولیس حکام کے مطابق ملزمان مختلف وارداتوں میں ملوث تھے اور ان کے خلاف مقدمات درج کر کے مزید تفتیش شروع کر دی گئی ہے۔ شہریوں نے پولیس کی کارکردگی کو سراہا ہے۔
کراچی شہر میں پولیس نے مختلف علاقوں میں کارروائی کرتے ہوئے متعدد ملزمان کو گرفتار کر لیا ہے جبکہ ان کے قبضے سے اسلحہ اور دیگر سامان برآمد کیا گیا ہے پولیس حکام کے مطابق ملزمان مختلف وارداتوں میں ملوث تھے اور ان کے خلاف مقدمات درج کر کے مزید تفتیش شروع کر دی گئی ہے۔ شہریوں نے پولیس کی کارکردگی کو سراہا ہے۔
26	تجاوزات آپریشن	بقیہ
کراچی شہر میں پولیس نے مختلف علاقوں میں کارروائی کرتے ہوئے متعدد ملزمان کو گرفتار کر لیا ہے جبکہ ان کے قبضے سے اسلحہ اور دیگر سامان برآمد کیا گیا ہے پولیس حکام کے مطابق ملزمان مختلف وارداتوں میں ملوث تھے اور ان کے خلاف مقدمات درج کر کے مزید تفتیش شروع کر دی گئی ہے۔ شہریوں نے پولیس کی کارکردگی کو سراہا ہے۔
27	عام خان	بقیہ
کراچی شہر میں پولیس نے مختلف علاقوں میں کارروائی کرتے ہوئے متعدد ملزمان کو گرفتار کر لیا ہے جبکہ ان کے قبضے سے اسلحہ اور دیگر سامان برآمد کیا گیا ہے پولیس حکام کے مطابق ملزمان مختلف وارداتوں میں ملوث تھے اور ان کے خلاف مقدمات درج کر کے مزید تفتیش شروع کر دی گئی ہے۔ شہریوں نے پولیس کی کارکردگی کو سراہا ہے۔
کراچی شہر میں پولیس نے مختلف علاقوں میں کارروائی کرتے ہوئے متعدد ملزمان کو گرفتار کر لیا ہے جبکہ ان کے قبضے سے اسلحہ اور دیگر سامان برآمد کیا گیا ہے پولیس حکام کے مطابق ملزمان مختلف وارداتوں میں ملوث تھے اور ان کے خلاف مقدمات درج کر کے مزید تفتیش شروع کر دی گئی ہے۔ شہریوں نے پولیس کی کارکردگی کو سراہا ہے۔
10	شندور ویمن پولیس کلب	بقیہ
کراچی شہر میں پولیس نے مختلف علاقوں میں کارروائی کرتے ہوئے متعدد ملزمان کو گرفتار کر لیا ہے جبکہ ان کے قبضے سے اسلحہ اور دیگر سامان برآمد کیا گیا ہے پولیس حکام کے مطابق ملزمان مختلف وارداتوں میں ملوث تھے اور ان کے خلاف مقدمات درج کر کے مزید تفتیش شروع کر دی گئی ہے۔ شہریوں نے پولیس کی کارکردگی کو سراہا ہے۔
11
میری جاب سیکورٹی ایجنسی
بقیہ
12	مقدمہ سے بری کردیا	بقیہ
13	کمل کار گزاری منظور بقیہ
کراچی شہر میں پولیس نے مختلف علاقوں میں کارروائی کرتے ہوئے متعدد ملزمان کو گرفتار کر لیا ہے جبکہ ان کے قبضے سے اسلحہ اور دیگر سامان برآمد کیا گیا ہے پولیس حکام کے مطابق ملزمان مختلف وارداتوں میں ملوث تھے اور ان کے خلاف مقدمات درج کر کے مزید تفتیش شروع کر دی گئی ہے۔ شہریوں نے پولیس کی کارکردگی کو سراہا ہے۔
14	مشکلات کا سامنا کرنا پڑا بقیہ
کراچی شہر میں پولیس نے مختلف علاقوں میں کارروائی کرتے ہوئے متعدد ملزمان کو گرفتار کر لیا ہے جبکہ ان کے قبضے سے اسلحہ اور دیگر سامان برآمد کیا گیا ہے پولیس حکام کے مطابق ملزمان مختلف وارداتوں میں ملوث تھے اور ان کے خلاف مقدمات درج کر کے مزید تفتیش شروع کر دی گئی ہے۔ شہریوں نے پولیس کی کارکردگی کو سراہا ہے۔
کراچی شہر میں پولیس نے مختلف علاقوں میں کارروائی کرتے ہوئے متعدد ملزمان کو گرفتار کر لیا ہے جبکہ ان کے قبضے سے اسلحہ اور دیگر سامان برآمد کیا گیا ہے پولیس حکام کے مطابق ملزمان مختلف وارداتوں میں ملوث تھے اور ان کے خلاف مقدمات درج کر کے مزید تفتیش شروع کر دی گئی ہے۔ شہریوں نے پولیس کی کارکردگی کو سراہا ہے۔
15	صاحبزادہ ہاشم خانی	بقیہ
کراچی شہر میں پولیس نے مختلف علاقوں میں کارروائی کرتے ہوئے متعدد ملزمان کو گرفتار کر لیا ہے جبکہ ان کے قبضے سے اسلحہ اور دیگر سامان برآمد کیا گیا ہے پولیس حکام کے مطابق ملزمان مختلف وارداتوں میں ملوث تھے اور ان کے خلاف مقدمات درج کر کے مزید تفتیش شروع کر دی گئی ہے۔ شہریوں نے پولیس کی کارکردگی کو سراہا ہے۔
کراچی شہر میں پولیس نے مختلف علاقوں میں کارروائی کرتے ہوئے متعدد ملزمان کو گرفتار کر لیا ہے جبکہ ان کے قبضے سے اسلحہ اور دیگر سامان برآمد کیا گیا ہے پولیس حکام کے مطابق ملزمان مختلف وارداتوں میں ملوث تھے اور ان کے خلاف مقدمات درج کر کے مزید تفتیش شروع کر دی گئی ہے۔ شہریوں نے پولیس کی کارکردگی کو سراہا ہے۔
16	یومیہ اشتہار	بقیہ
کراچی شہر میں پولیس نے مختلف علاقوں میں کارروائی کرتے ہوئے متعدد ملزمان کو گرفتار کر لیا ہے جبکہ ان کے قبضے سے اسلحہ اور دیگر سامان برآمد کیا گیا ہے پولیس حکام کے مطابق ملزمان مختلف وارداتوں میں ملوث تھے اور ان کے خلاف مقدمات درج کر کے مزید تفتیش شروع کر دی گئی ہے۔ شہریوں نے پولیس کی کارکردگی کو سراہا ہے۔
17	بلدیاتی الیکشن	بقیہ
کراچی شہر میں پولیس نے مختلف علاقوں میں کارروائی کرتے ہوئے متعدد ملزمان کو گرفتار کر لیا ہے جبکہ ان کے قبضے سے اسلحہ اور دیگر سامان برآمد کیا گیا ہے پولیس حکام کے مطابق ملزمان مختلف وارداتوں میں ملوث تھے اور ان کے خلاف مقدمات درج کر کے مزید تفتیش شروع کر دی گئی ہے۔ شہریوں نے پولیس کی کارکردگی کو سراہا ہے۔
18	عمران خان	بقیہ
کراچی شہر میں پولیس نے مختلف علاقوں میں کارروائی کرتے ہوئے متعدد ملزمان کو گرفتار کر لیا ہے جبکہ ان کے قبضے سے اسلحہ اور دیگر سامان برآمد کیا گیا ہے پولیس حکام کے مطابق ملزمان مختلف وارداتوں میں ملوث تھے اور ان کے خلاف مقدمات درج کر کے مزید تفتیش شروع کر دی گئی ہے۔ شہریوں نے پولیس کی کارکردگی کو سراہا ہے۔
19	منظوری کرالی	بقیہ
کراچی شہر میں پولیس نے مختلف علاقوں میں کارروائی کرتے ہوئے متعدد ملزمان کو گرفتار کر لیا ہے جبکہ ان کے قبضے سے اسلحہ اور دیگر سامان برآمد کیا گیا ہے پولیس حکام کے مطابق ملزمان مختلف وارداتوں میں ملوث تھے اور ان کے خلاف مقدمات درج کر کے مزید تفتیش شروع کر دی گئی ہے۔ شہریوں نے پولیس کی کارکردگی کو سراہا ہے۔
20	اردو زبان کا انعقاد	بقیہ
کراچی شہر میں پولیس نے مختلف علاقوں میں کارروائی کرتے ہوئے متعدد ملزمان کو گرفتار کر لیا ہے جبکہ ان کے قبضے سے اسلحہ اور دیگر سامان برآمد کیا گیا ہے پولیس حکام کے مطابق ملزمان مختلف وارداتوں میں ملوث تھے اور ان کے خلاف مقدمات درج کر کے مزید تفتیش شروع کر دی گئی ہے۔ شہریوں نے پولیس کی کارکردگی کو سراہا ہے۔
01	احتجاجی مظاہرہ	بقیہ
کراچی شہر میں پولیس نے مختلف علاقوں میں کارروائی کرتے ہوئے متعدد ملزمان کو گرفتار کر لیا ہے جبکہ ان کے قبضے سے اسلحہ اور دیگر سامان برآمد کیا گیا ہے پولیس حکام کے مطابق ملزمان مختلف وارداتوں میں ملوث تھے اور ان کے خلاف مقدمات درج کر کے مزید تفتیش شروع کر دی گئی ہے۔ شہریوں نے پولیس کی کارکردگی کو سراہا ہے۔
کراچی شہر میں پولیس نے مختلف علاقوں میں کارروائی کرتے ہوئے متعدد ملزمان کو گرفتار کر لیا ہے جبکہ ان کے قبضے سے اسلحہ اور دیگر سامان برآمد کیا گیا ہے پولیس حکام کے مطابق ملزمان مختلف وارداتوں میں ملوث تھے اور ان کے خلاف مقدمات درج کر کے مزید تفتیش شروع کر دی گئی ہے۔ شہریوں نے پولیس کی کارکردگی کو سراہا ہے۔
02	ذمہ داری لی بقیہ
کراچی شہر میں پولیس نے مختلف علاقوں میں کارروائی کرتے ہوئے متعدد ملزمان کو گرفتار کر لیا ہے جبکہ ان کے قبضے سے اسلحہ اور دیگر سامان برآمد کیا گیا ہے پولیس حکام کے مطابق ملزمان مختلف وارداتوں میں ملوث تھے اور ان کے خلاف مقدمات درج کر کے مزید تفتیش شروع کر دی گئی ہے۔ شہریوں نے پولیس کی کارکردگی کو سراہا ہے۔
03	احمد حسن قتل	بقیہ
کراچی شہر میں پولیس نے مختلف علاقوں میں کارروائی کرتے ہوئے متعدد ملزمان کو گرفتار کر لیا ہے جبکہ ان کے قبضے سے اسلحہ اور دیگر سامان برآمد کیا گیا ہے پولیس حکام کے مطابق ملزمان مختلف وارداتوں میں ملوث تھے اور ان کے خلاف مقدمات درج کر کے مزید تفتیش شروع کر دی گئی ہے۔ شہریوں نے پولیس کی کارکردگی کو سراہا ہے۔
کراچی شہر میں پولیس نے مختلف علاقوں میں کارروائی کرتے ہوئے متعدد ملزمان کو گرفتار کر لیا ہے جبکہ ان کے قبضے سے اسلحہ اور دیگر سامان برآمد کیا گیا ہے پولیس حکام کے مطابق ملزمان مختلف وارداتوں میں ملوث تھے اور ان کے خلاف مقدمات درج کر کے مزید تفتیش شروع کر دی گئی ہے۔ شہریوں نے پولیس کی کارکردگی کو سراہا ہے۔
04	سنی تحریک	بقیہ
کراچی شہر میں پولیس نے مختلف علاقوں میں کارروائی کرتے ہوئے متعدد ملزمان کو گرفتار کر لیا ہے جبکہ ان کے قبضے سے اسلحہ اور دیگر سامان برآمد کیا گیا ہے پولیس حکام کے مطابق ملزمان مختلف وارداتوں میں ملوث تھے اور ان کے خلاف مقدمات درج کر کے مزید تفتیش شروع کر دی گئی ہے۔ شہریوں نے پولیس کی کارکردگی کو سراہا ہے۔
کراچی شہر میں پولیس نے مختلف علاقوں میں کارروائی کرتے ہوئے متعدد ملزمان کو گرفتار کر لیا ہے جبکہ ان کے قبضے سے اسلحہ اور دیگر سامان برآمد کیا گیا ہے پولیس حکام کے مطابق ملزمان مختلف وارداتوں میں ملوث تھے اور ان کے خلاف مقدمات درج کر کے مزید تفتیش شروع کر دی گئی ہے۔ شہریوں نے پولیس کی کارکردگی کو سراہا ہے۔
05	ڈاکٹر فاروق ستار	بقیہ
کراچی شہر میں پولیس نے مختلف علاقوں میں کارروائی کرتے ہوئے متعدد ملزمان کو گرفتار کر لیا ہے جبکہ ان کے قبضے سے اسلحہ اور دیگر سامان برآمد کیا گیا ہے پولیس حکام کے مطابق ملزمان مختلف وارداتوں میں ملوث تھے اور ان کے خلاف مقدمات درج کر کے مزید تفتیش شروع کر دی گئی ہے۔ شہریوں نے پولیس کی کارکردگی کو سراہا ہے۔
06 حکومت سندھ کی داک	بقیہ
کراچی شہر میں پولیس نے مختلف علاقوں میں کارروائی کرتے ہوئے متعدد ملزمان کو گرفتار کر لیا ہے جبکہ ان کے قبضے سے اسلحہ اور دیگر سامان برآمد کیا گیا ہے پولیس حکام کے مطابق ملزمان مختلف وارداتوں میں ملوث تھے اور ان کے خلاف مقدمات درج کر کے مزید تفتیش شروع کر دی گئی ہے۔ شہریوں نے پولیس کی کارکردگی کو سراہا ہے۔
کراچی شہر میں پولیس نے مختلف علاقوں میں کارروائی کرتے ہوئے متعدد ملزمان کو گرفتار کر لیا ہے جبکہ ان کے قبضے سے اسلحہ اور دیگر سامان برآمد کیا گیا ہے پولیس حکام کے مطابق ملزمان مختلف وارداتوں میں ملوث تھے اور ان کے خلاف مقدمات درج کر کے مزید تفتیش شروع کر دی گئی ہے۔ شہریوں نے پولیس کی کارکردگی کو سراہا ہے۔
07	حامد صدیقی بقیہ
کراچی شہر میں پولیس نے مختلف علاقوں میں کارروائی کرتے ہوئے متعدد ملزمان کو گرفتار کر لیا ہے جبکہ ان کے قبضے سے اسلحہ اور دیگر سامان برآمد کیا گیا ہے پولیس حکام کے مطابق ملزمان مختلف وارداتوں میں ملوث تھے اور ان کے خلاف مقدمات درج کر کے مزید تفتیش شروع کر دی گئی ہے۔ شہریوں نے پولیس کی کارکردگی کو سراہا ہے۔
08	جان محمد بلوچ	بقیہ
کراچی شہر میں پولیس نے مختلف علاقوں میں کارروائی کرتے ہوئے متعدد ملزمان کو گرفتار کر لیا ہے جبکہ ان کے قبضے سے اسلحہ اور دیگر سامان برآمد کیا گیا ہے پولیس حکام کے مطابق ملزمان مختلف وارداتوں میں ملوث تھے اور ان کے خلاف مقدمات درج کر کے مزید تفتیش شروع کر دی گئی ہے۔ شہریوں نے پولیس کی کارکردگی کو سراہا ہے۔
کراچی شہر میں پولیس نے مختلف علاقوں میں کارروائی کرتے ہوئے متعدد ملزمان کو گرفتار کر لیا ہے جبکہ ان کے قبضے سے اسلحہ اور دیگر سامان برآمد کیا گیا ہے پولیس حکام کے مطابق ملزمان مختلف وارداتوں میں ملوث تھے اور ان کے خلاف مقدمات درج کر کے مزید تفتیش شروع کر دی گئی ہے۔ شہریوں نے پولیس کی کارکردگی کو سراہا ہے۔
09	خلاف بڑی کارروائی	بقیہ
کراچی شہر میں پولیس نے مختلف علاقوں میں کارروائی کرتے ہوئے متعدد ملزمان کو گرفتار کر لیا ہے جبکہ ان کے قبضے سے اسلحہ اور دیگر سامان برآمد کیا گیا ہے پولیس حکام کے مطابق ملزمان مختلف وارداتوں میں ملوث تھے اور ان کے خلاف مقدمات درج کر کے مزید تفتیش شروع کر دی گئی ہے۔ شہریوں نے پولیس کی کارکردگی کو سراہا ہے۔
